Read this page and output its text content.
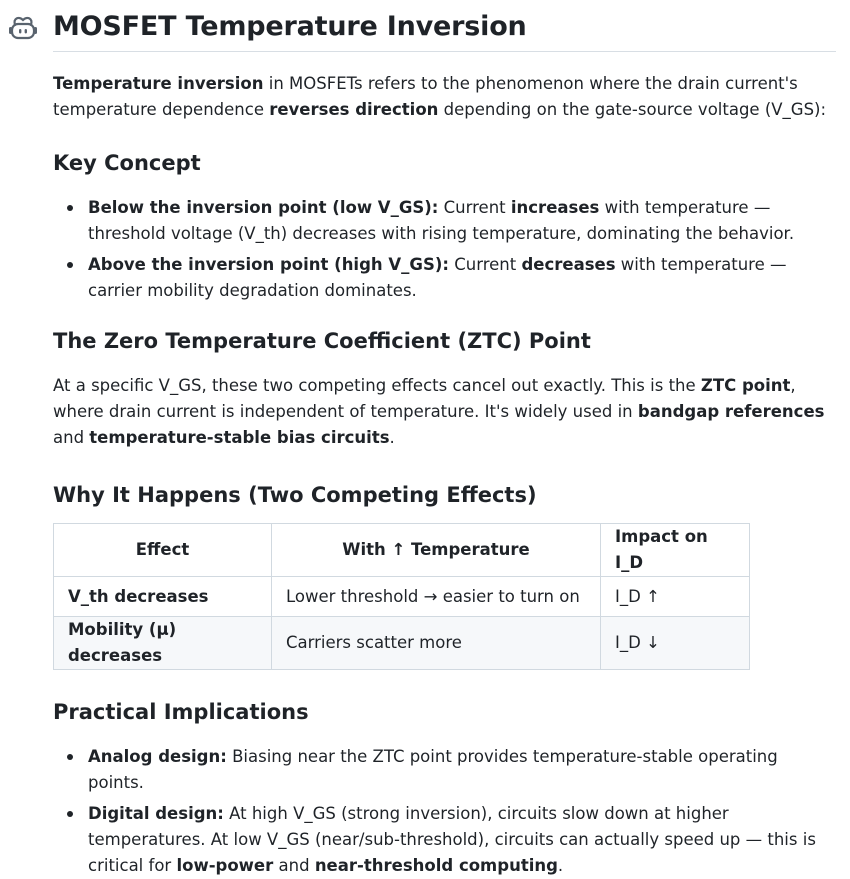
MOSFET Temperature Inversion

Temperature inversion in MOSFETs refers to the phenomenon where the drain current's temperature dependence reverses direction depending on the gate-source voltage (V_GS):

Key Concept
Below the inversion point (low V_GS): Current increases with temperature — threshold voltage (V_th) decreases with rising temperature, dominating the behavior.
Above the inversion point (high V_GS): Current decreases with temperature — carrier mobility degradation dominates.
The Zero Temperature Coefficient (ZTC) Point

At a specific V_GS, these two competing effects cancel out exactly. This is the ZTC point, where drain current is independent of temperature. It's widely used in bandgap references and temperature-stable bias circuits.

Why It Happens (Two Competing Effects)
Effect	With ↑ Temperature	Impact on I_D
V_th decreases	Lower threshold → easier to turn on	I_D ↑
Mobility (μ) decreases	Carriers scatter more	I_D ↓
Practical Implications
Analog design: Biasing near the ZTC point provides temperature-stable operating points.
Digital design: At high V_GS (strong inversion), circuits slow down at higher temperatures. At low V_GS (near/sub-threshold), circuits can actually speed up — this is critical for low-power and near-threshold computing.
